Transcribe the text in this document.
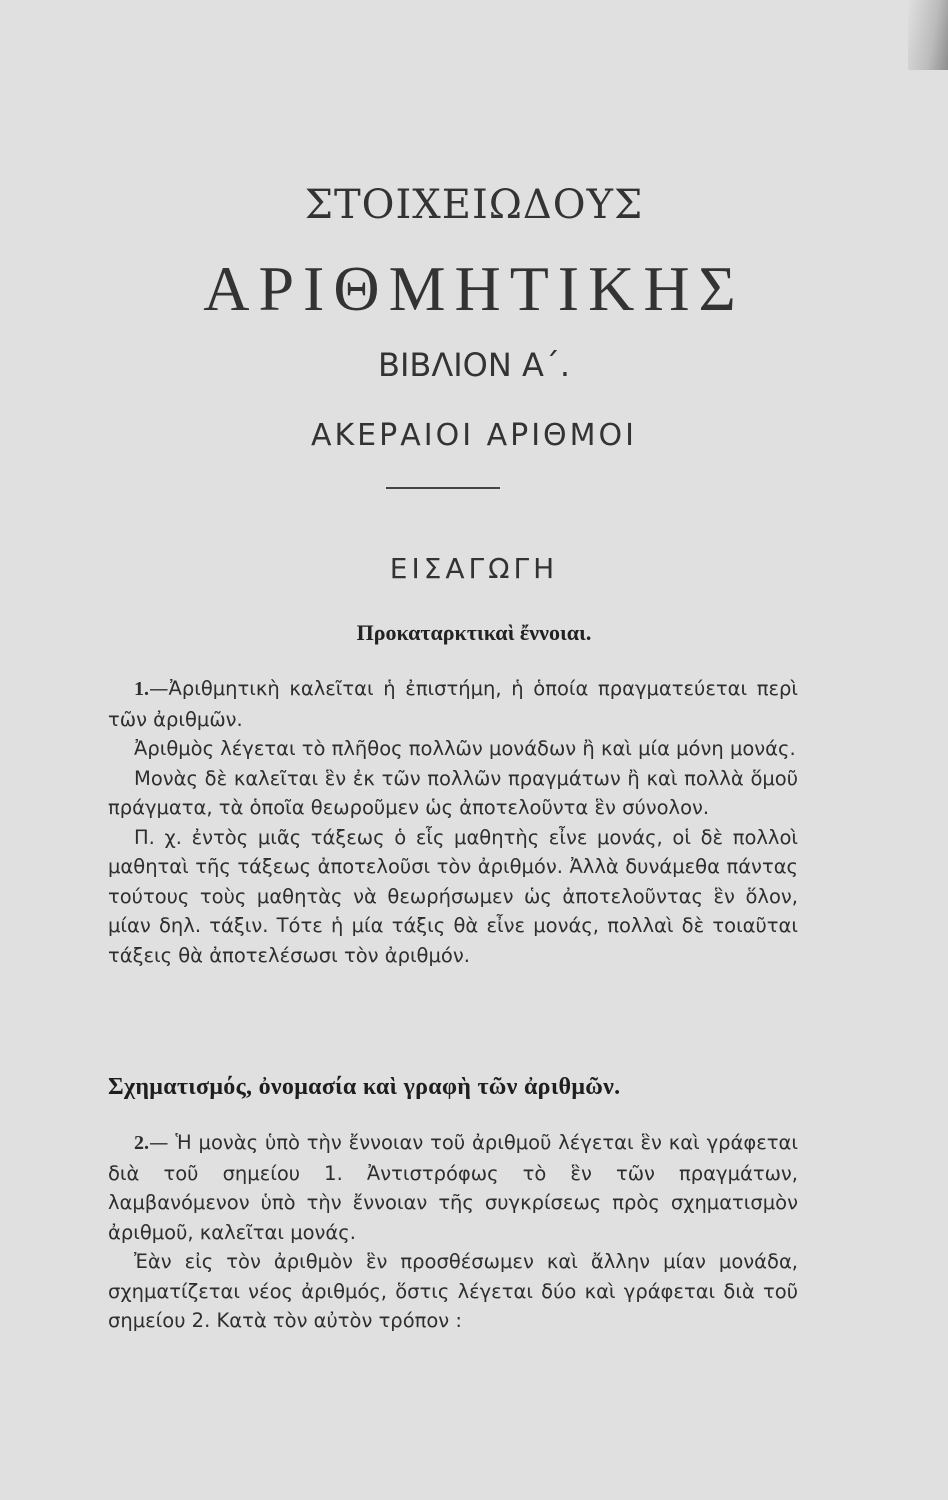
ΣΤΟΙΧΕΙΩΔΟΥΣ
ΑΡΙΘΜΗΤΙΚΗΣ
ΒΙΒΛΙΟΝ Α΄.
ΑΚΕΡΑΙΟΙ ΑΡΙΘΜΟΙ
ΕΙΣΑΓΩΓΗ
Προκαταρκτικαὶ ἔννοιαι.

1.—Ἀριθμητικὴ καλεῖται ἡ ἐπιστήμη, ἡ ὁποία πραγματεύεται περὶ τῶν ἀριθμῶν.

Ἀριθμὸς λέγεται τὸ πλῆθος πολλῶν μονάδων ἢ καὶ μία μόνη μονάς.

Μονὰς δὲ καλεῖται ἓν ἐκ τῶν πολλῶν πραγμάτων ἢ καὶ πολλὰ ὅμοῦ πράγματα, τὰ ὁποῖα θεωροῦμεν ὡς ἀποτελοῦντα ἓν σύνολον.

Π. χ. ἐντὸς μιᾶς τάξεως ὁ εἷς μαθητὴς εἶνε μονάς, οἱ δὲ πολλοὶ μαθηταὶ τῆς τάξεως ἀποτελοῦσι τὸν ἀριθμόν. Ἀλλὰ δυνάμεθα πάντας τούτους τοὺς μαθητὰς νὰ θεωρήσωμεν ὡς ἀποτελοῦντας ἓν ὅλον, μίαν δηλ. τάξιν. Τότε ἡ μία τάξις θὰ εἶνε μονάς, πολλαὶ δὲ τοιαῦται τάξεις θὰ ἀποτελέσωσι τὸν ἀριθμόν.

Σχηματισμός, ὀνομασία καὶ γραφὴ τῶν ἀριθμῶν.

2.— Ἡ μονὰς ὑπὸ τὴν ἔννοιαν τοῦ ἀριθμοῦ λέγεται ἓν καὶ γράφεται διὰ τοῦ σημείου 1. Ἀντιστρόφως τὸ ἓν τῶν πραγμάτων, λαμβανόμενον ὑπὸ τὴν ἔννοιαν τῆς συγκρίσεως πρὸς σχηματισμὸν ἀριθμοῦ, καλεῖται μονάς.

Ἐὰν εἰς τὸν ἀριθμὸν ἓν προσθέσωμεν καὶ ἄλλην μίαν μονάδα, σχηματίζεται νέος ἀριθμός, ὅστις λέγεται δύο καὶ γράφεται διὰ τοῦ σημείου 2. Κατὰ τὸν αὐτὸν τρόπον :
